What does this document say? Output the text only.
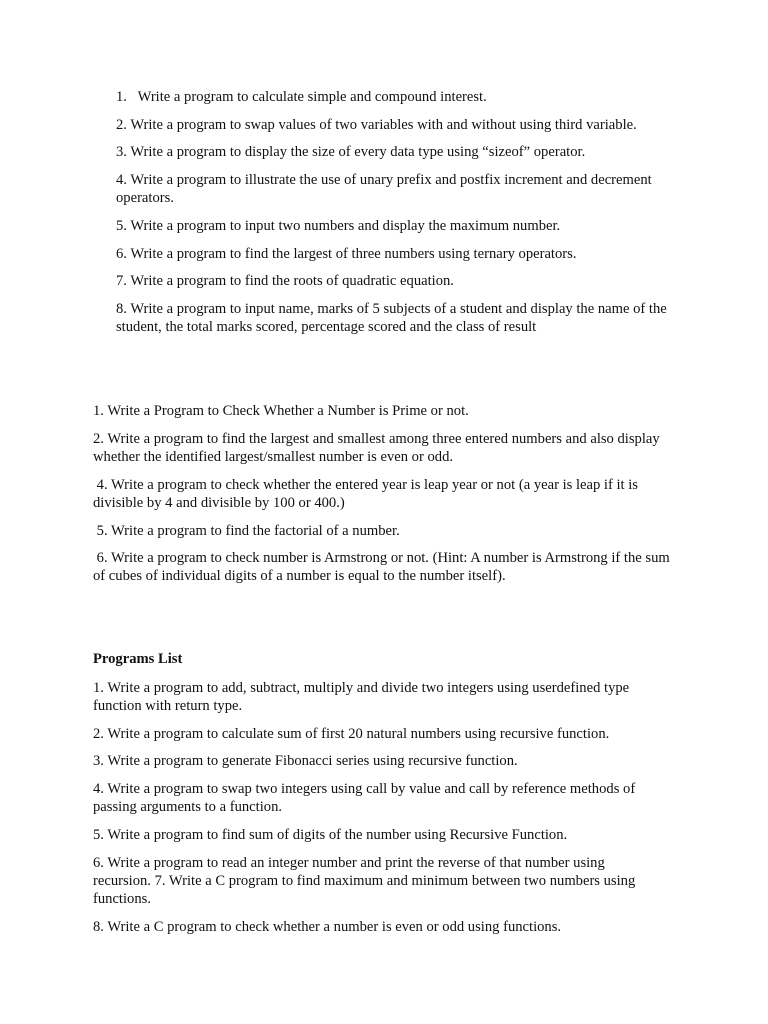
1.   Write a program to calculate simple and compound interest.

2. Write a program to swap values of two variables with and without using third variable.

3. Write a program to display the size of every data type using “sizeof” operator.

4. Write a program to illustrate the use of unary prefix and postfix increment and decrement operators.

5. Write a program to input two numbers and display the maximum number.

6. Write a program to find the largest of three numbers using ternary operators.

7. Write a program to find the roots of quadratic equation.

8. Write a program to input name, marks of 5 subjects of a student and display the name of the student, the total marks scored, percentage scored and the class of result

1. Write a Program to Check Whether a Number is Prime or not.

2. Write a program to find the largest and smallest among three entered numbers and also display whether the identified largest/smallest number is even or odd.

4. Write a program to check whether the entered year is leap year or not (a year is leap if it is divisible by 4 and divisible by 100 or 400.)

5. Write a program to find the factorial of a number.

6. Write a program to check number is Armstrong or not. (Hint: A number is Armstrong if the sum of cubes of individual digits of a number is equal to the number itself).

Programs List

1. Write a program to add, subtract, multiply and divide two integers using userdefined type function with return type.

2. Write a program to calculate sum of first 20 natural numbers using recursive function.

3. Write a program to generate Fibonacci series using recursive function.

4. Write a program to swap two integers using call by value and call by reference methods of passing arguments to a function.

5. Write a program to find sum of digits of the number using Recursive Function.

6. Write a program to read an integer number and print the reverse of that number using recursion. 7. Write a C program to find maximum and minimum between two numbers using functions.

8. Write a C program to check whether a number is even or odd using functions.
